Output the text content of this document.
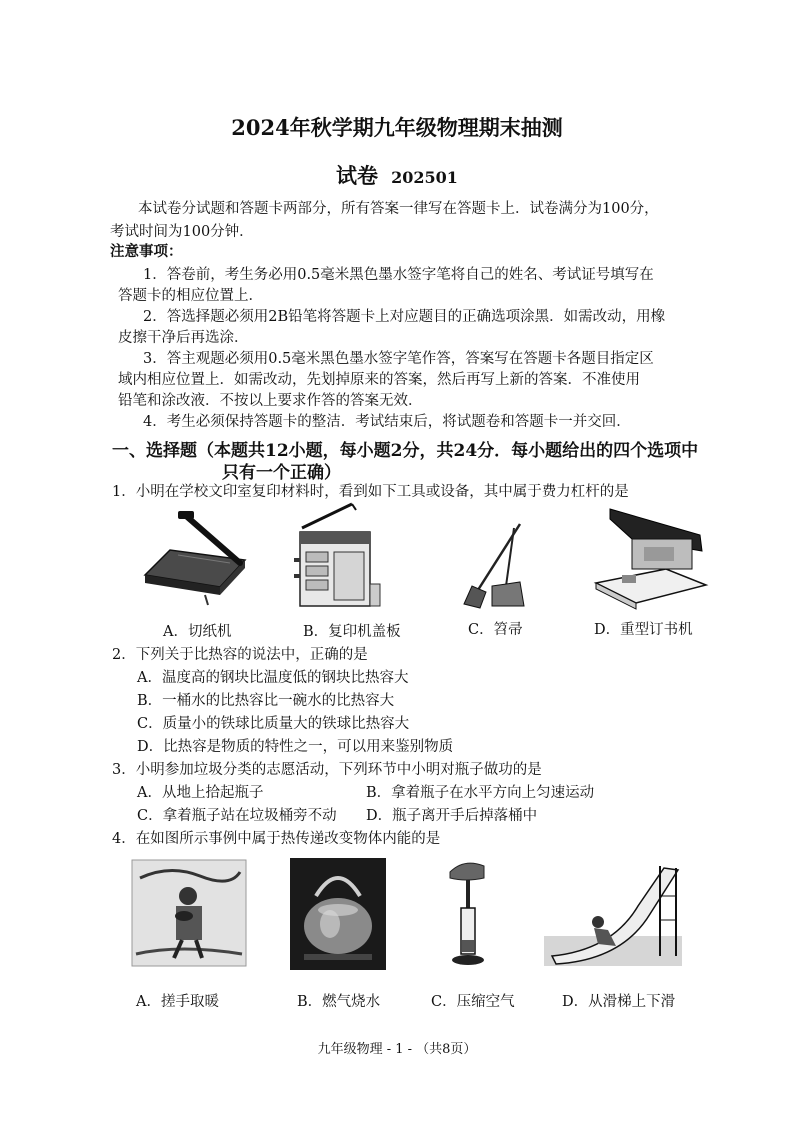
2024年秋学期九年级物理期末抽测
试卷 202501
本试卷分试题和答题卡两部分，所有答案一律写在答题卡上．试卷满分为100分，
考试时间为100分钟．
注意事项：
1．答卷前，考生务必用0.5毫米黑色墨水签字笔将自己的姓名、考试证号填写在
答题卡的相应位置上．
2．答选择题必须用2B铅笔将答题卡上对应题目的正确选项涂黑．如需改动，用橡
皮擦干净后再选涂．
3．答主观题必须用0.5毫米黑色墨水签字笔作答，答案写在答题卡各题目指定区
域内相应位置上．如需改动，先划掉原来的答案，然后再写上新的答案．不准使用
铅笔和涂改液．不按以上要求作答的答案无效．
4．考生必须保持答题卡的整洁．考试结束后，将试题卷和答题卡一并交回．
一、选择题（本题共12小题，每小题2分，共24分．每小题给出的四个选项中
只有一个正确）
1．小明在学校文印室复印材料时，看到如下工具或设备，其中属于费力杠杆的是
A．切纸机	B．复印机盖板	C．笤帚	D．重型订书机
2．下列关于比热容的说法中，正确的是
A．温度高的钢块比温度低的钢块比热容大
B．一桶水的比热容比一碗水的比热容大
C．质量小的铁球比质量大的铁球比热容大
D．比热容是物质的特性之一，可以用来鉴别物质
3．小明参加垃圾分类的志愿活动，下列环节中小明对瓶子做功的是
A．从地上拾起瓶子	B．拿着瓶子在水平方向上匀速运动
C．拿着瓶子站在垃圾桶旁不动 D．瓶子离开手后掉落桶中
4．在如图所示事例中属于热传递改变物体内能的是
A．搓手取暖	B．燃气烧水	C．压缩空气	D．从滑梯上下滑
九年级物理 - 1 - （共8页）
